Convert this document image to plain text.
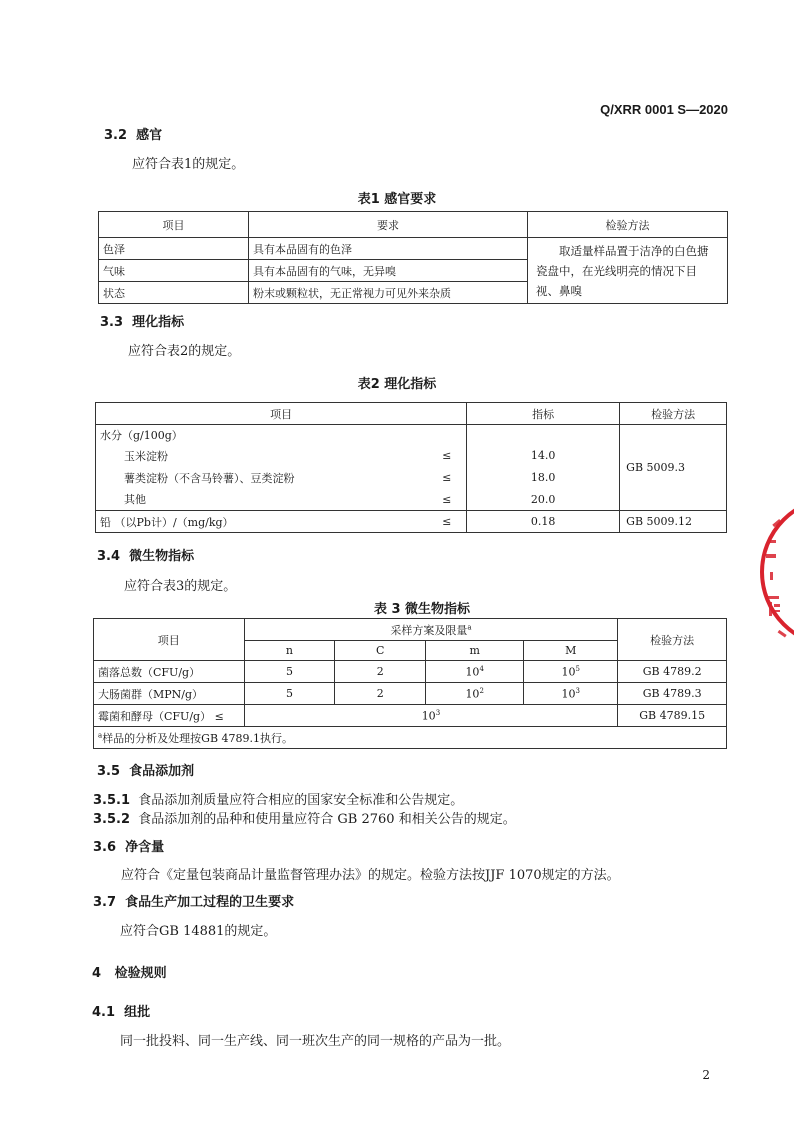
Q/XRR 0001 S—2020
3.2 感官
应符合表1的规定。
表1 感官要求
项目	要求	检验方法
色泽	具有本品固有的色泽	取适量样品置于洁净的白色搪瓷盘中，在光线明亮的情况下目视、鼻嗅
气味	具有本品固有的气味，无异嗅	
状态	粉末或颗粒状，无正常视力可见外来杂质	
3.3 理化指标
应符合表2的规定。
表2 理化指标
项目		指标	检验方法
水分（g/100g）			GB 5009.3
玉米淀粉	≤	14.0	
薯类淀粉（不含马铃薯）、豆类淀粉	≤	18.0	
其他	≤	20.0	
铅 （以Pb计）/（mg/kg）	≤	0.18	GB 5009.12
3.4 微生物指标
应符合表3的规定。
表 3 微生物指标
项目	采样方案及限量$^a$				检验方法
	n	C	m	M	
菌落总数（CFU/g）	5	2	$10^4$	$10^5$	GB 4789.2
大肠菌群（MPN/g）	5	2	$10^2$	$10^3$	GB 4789.3
霉菌和酵母（CFU/g） ≤	$10^3$				GB 4789.15
$^a$样品的分析及处理按GB 4789.1执行。					
3.5 食品添加剂
3.5.1 食品添加剂质量应符合相应的国家安全标准和公告规定。
3.5.2 食品添加剂的品种和使用量应符合 GB 2760 和相关公告的规定。
3.6 净含量
应符合《定量包装商品计量监督管理办法》的规定。检验方法按JJF 1070规定的方法。
3.7 食品生产加工过程的卫生要求
应符合GB 14881的规定。
4 检验规则
4.1 组批
同一批投料、同一生产线、同一班次生产的同一规格的产品为一批。
2
